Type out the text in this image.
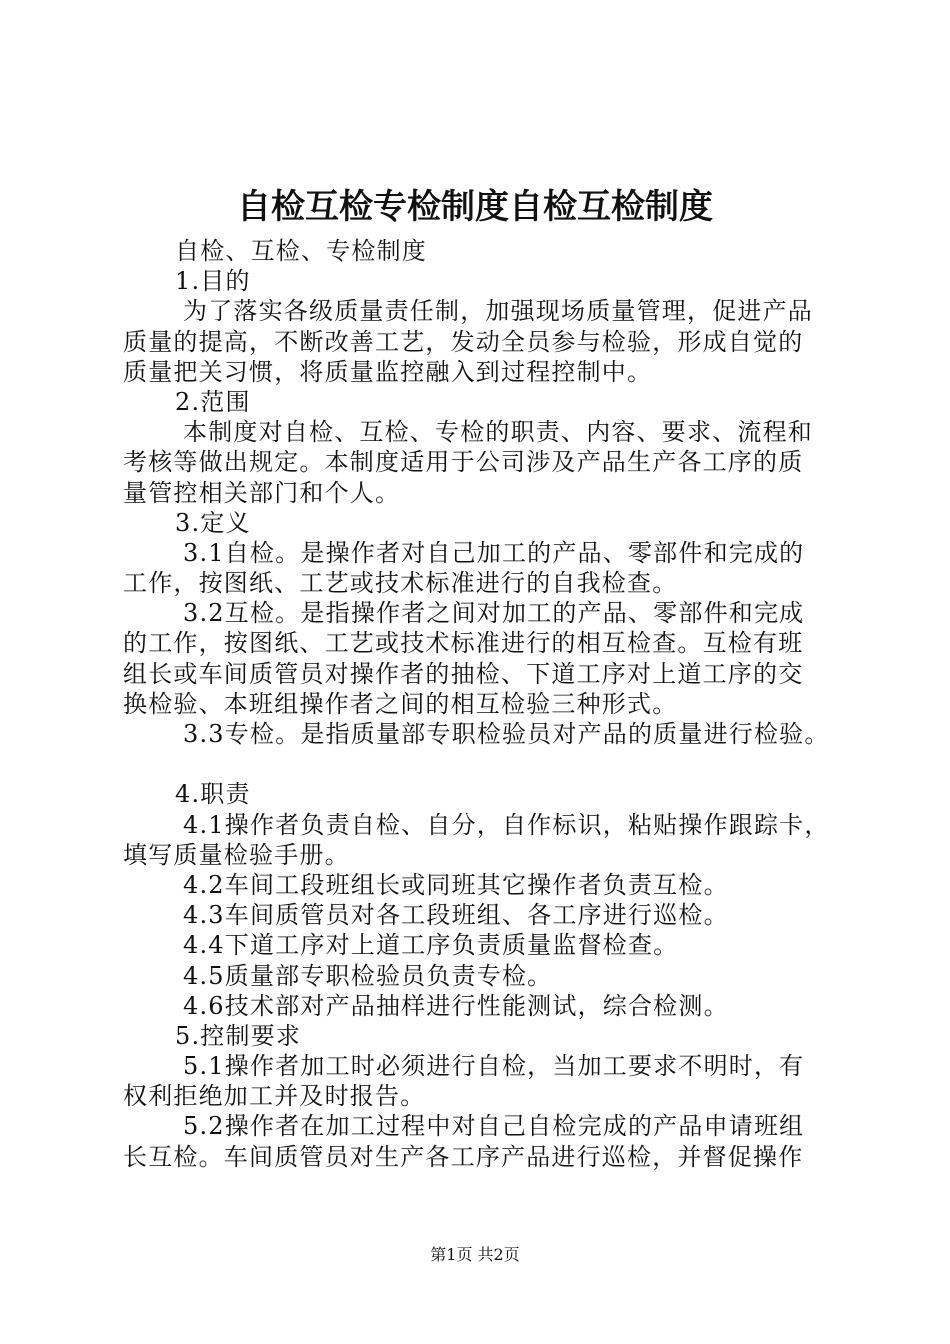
自检互检专检制度自检互检制度
自检、互检、专检制度
1.目的
为了落实各级质量责任制，加强现场质量管理，促进产品
质量的提高，不断改善工艺，发动全员参与检验，形成自觉的
质量把关习惯，将质量监控融入到过程控制中。
2.范围
本制度对自检、互检、专检的职责、内容、要求、流程和
考核等做出规定。本制度适用于公司涉及产品生产各工序的质
量管控相关部门和个人。
3.定义
3.1自检。是操作者对自己加工的产品、零部件和完成的
工作，按图纸、工艺或技术标准进行的自我检查。
3.2互检。是指操作者之间对加工的产品、零部件和完成
的工作，按图纸、工艺或技术标准进行的相互检查。互检有班
组长或车间质管员对操作者的抽检、下道工序对上道工序的交
换检验、本班组操作者之间的相互检验三种形式。
3.3专检。是指质量部专职检验员对产品的质量进行检验。
4.职责
4.1操作者负责自检、自分，自作标识，粘贴操作跟踪卡，
填写质量检验手册。
4.2车间工段班组长或同班其它操作者负责互检。
4.3车间质管员对各工段班组、各工序进行巡检。
4.4下道工序对上道工序负责质量监督检查。
4.5质量部专职检验员负责专检。
4.6技术部对产品抽样进行性能测试，综合检测。
5.控制要求
5.1操作者加工时必须进行自检，当加工要求不明时，有
权利拒绝加工并及时报告。
5.2操作者在加工过程中对自己自检完成的产品申请班组
长互检。车间质管员对生产各工序产品进行巡检，并督促操作
第1页 共2页
